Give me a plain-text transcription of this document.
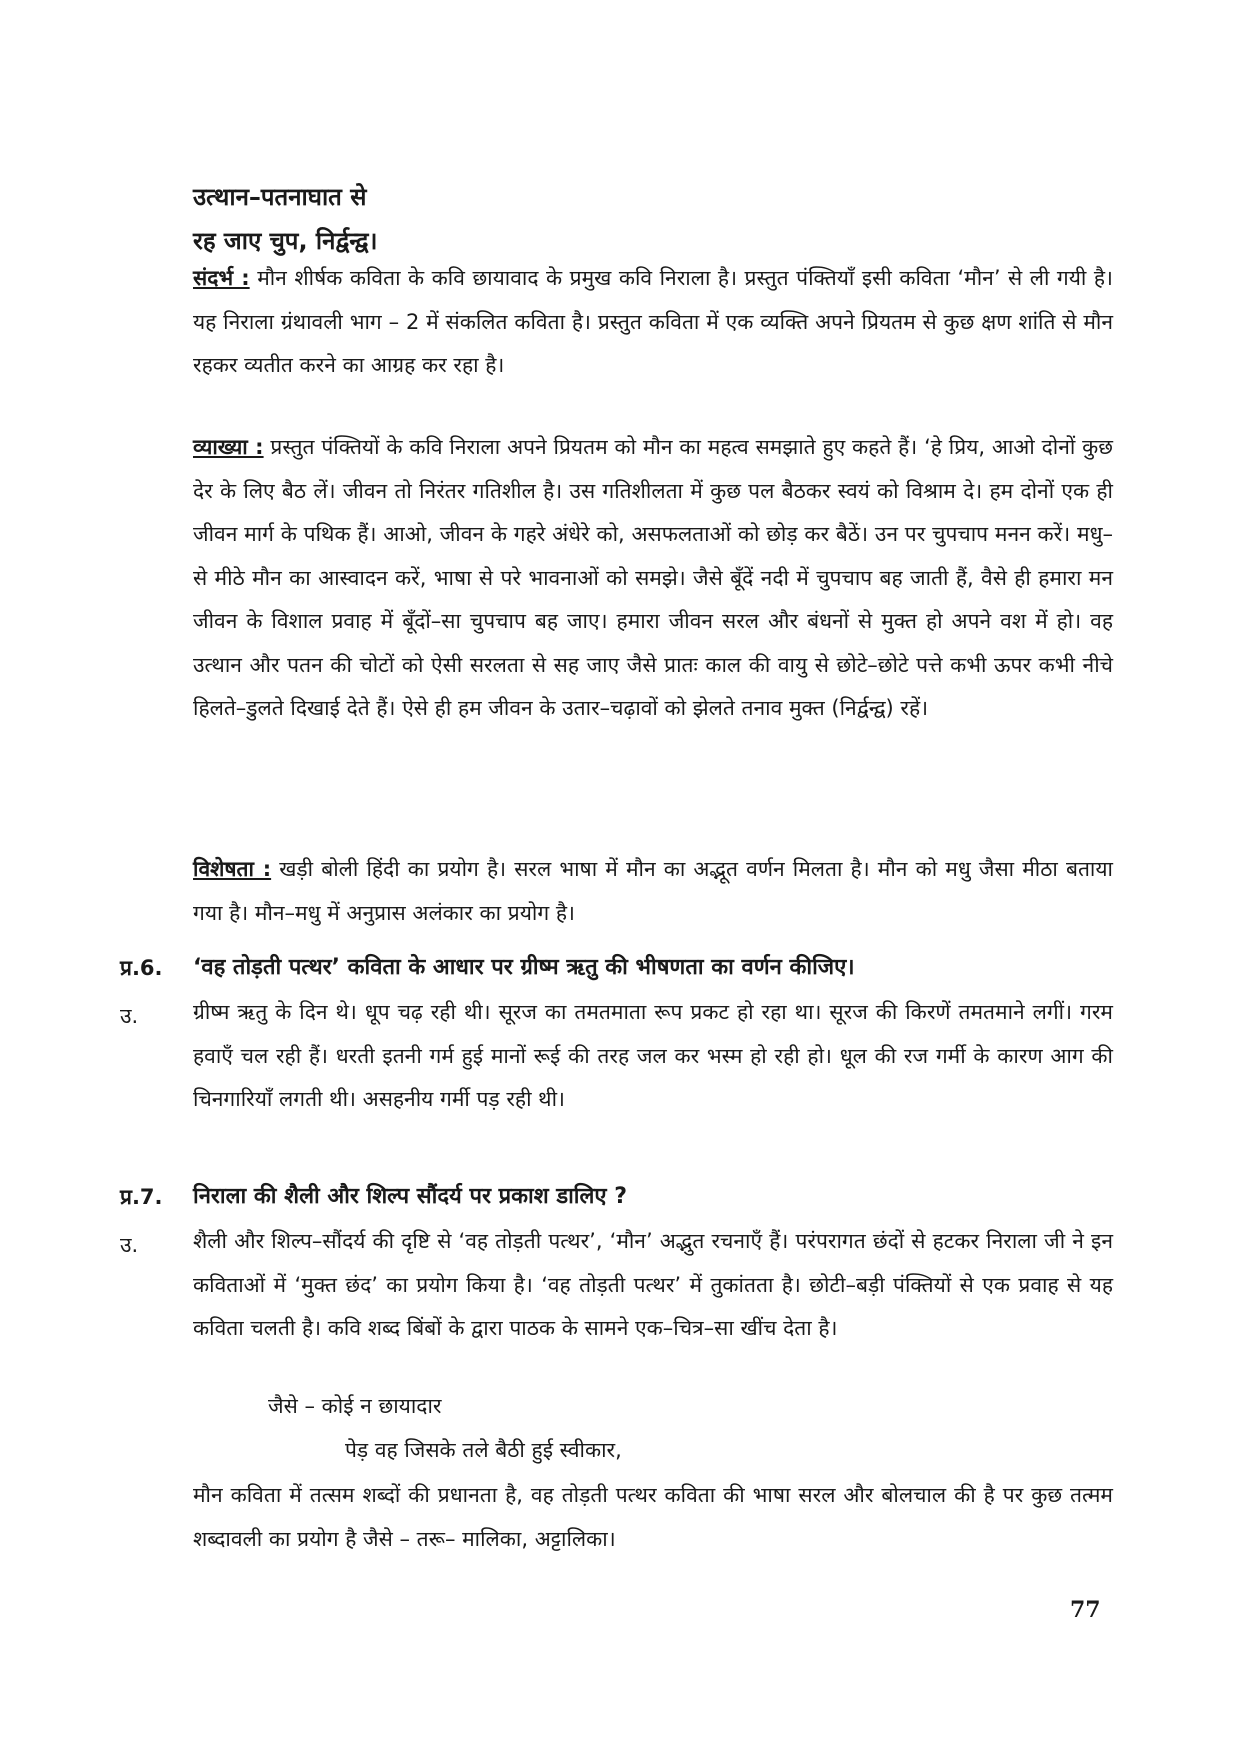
उत्थान–पतनाघात से
रह जाए चुप, निर्द्वन्द्व।
संदर्भ : मौन शीर्षक कविता के कवि छायावाद के प्रमुख कवि निराला है। प्रस्तुत पंक्तियाँ इसी कविता ‘मौन’ से ली गयी है। यह निराला ग्रंथावली भाग – 2 में संकलित कविता है। प्रस्तुत कविता में एक व्यक्ति अपने प्रियतम से कुछ क्षण शांति से मौन रहकर व्यतीत करने का आग्रह कर रहा है।
व्याख्या : प्रस्तुत पंक्तियों के कवि निराला अपने प्रियतम को मौन का महत्व समझाते हुए कहते हैं। ‘हे प्रिय, आओ दोनों कुछ देर के लिए बैठ लें। जीवन तो निरंतर गतिशील है। उस गतिशीलता में कुछ पल बैठकर स्वयं को विश्राम दे। हम दोनों एक ही जीवन मार्ग के पथिक हैं। आओ, जीवन के गहरे अंधेरे को, असफलताओं को छोड़ कर बैठें। उन पर चुपचाप मनन करें। मधु–से मीठे मौन का आस्वादन करें, भाषा से परे भावनाओं को समझे। जैसे बूँदें नदी में चुपचाप बह जाती हैं, वैसे ही हमारा मन जीवन के विशाल प्रवाह में बूँदों–सा चुपचाप बह जाए। हमारा जीवन सरल और बंधनों से मुक्त हो अपने वश में हो। वह उत्थान और पतन की चोटों को ऐसी सरलता से सह जाए जैसे प्रातः काल की वायु से छोटे–छोटे पत्ते कभी ऊपर कभी नीचे हिलते–डुलते दिखाई देते हैं। ऐसे ही हम जीवन के उतार–चढ़ावों को झेलते तनाव मुक्त (निर्द्वन्द्व) रहें।
विशेषता : खड़ी बोली हिंदी का प्रयोग है। सरल भाषा में मौन का अद्भूत वर्णन मिलता है। मौन को मधु जैसा मीठा बताया गया है। मौन–मधु में अनुप्रास अलंकार का प्रयोग है।
प्र.6. ‘वह तोड़ती पत्थर’ कविता के आधार पर ग्रीष्म ऋतु की भीषणता का वर्णन कीजिए।
उ.	ग्रीष्म ऋतु के दिन थे। धूप चढ़ रही थी। सूरज का तमतमाता रूप प्रकट हो रहा था। सूरज की किरणें तमतमाने लगीं। गरम हवाएँ चल रही हैं। धरती इतनी गर्म हुई मानों रूई की तरह जल कर भस्म हो रही हो। धूल की रज गर्मी के कारण आग की चिनगारियाँ लगती थी। असहनीय गर्मी पड़ रही थी।
प्र.7. निराला की शैली और शिल्प सौंदर्य पर प्रकाश डालिए ?
उ.	शैली और शिल्प–सौंदर्य की दृष्टि से ‘वह तोड़ती पत्थर’, ‘मौन’ अद्भुत रचनाएँ हैं। परंपरागत छंदों से हटकर निराला जी ने इन कविताओं में ‘मुक्त छंद’ का प्रयोग किया है। ‘वह तोड़ती पत्थर’ में तुकांतता है। छोटी–बड़ी पंक्तियों से एक प्रवाह से यह कविता चलती है। कवि शब्द बिंबों के द्वारा पाठक के सामने एक–चित्र–सा खींच देता है।
जैसे – कोई न छायादार
पेड़ वह जिसके तले बैठी हुई स्वीकार,
मौन कविता में तत्सम शब्दों की प्रधानता है, वह तोड़ती पत्थर कविता की भाषा सरल और बोलचाल की है पर कुछ तत्मम शब्दावली का प्रयोग है जैसे – तरू– मालिका, अट्टालिका।
77
